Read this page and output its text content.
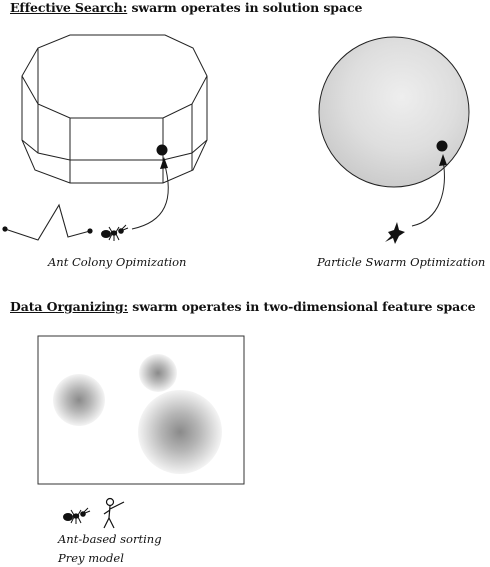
Effective Search: swarm operates in solution space
Ant Colony Opimization	Particle Swarm Optimization
Data Organizing: swarm operates in two-dimensional feature space
Ant-based sorting
Prey model
